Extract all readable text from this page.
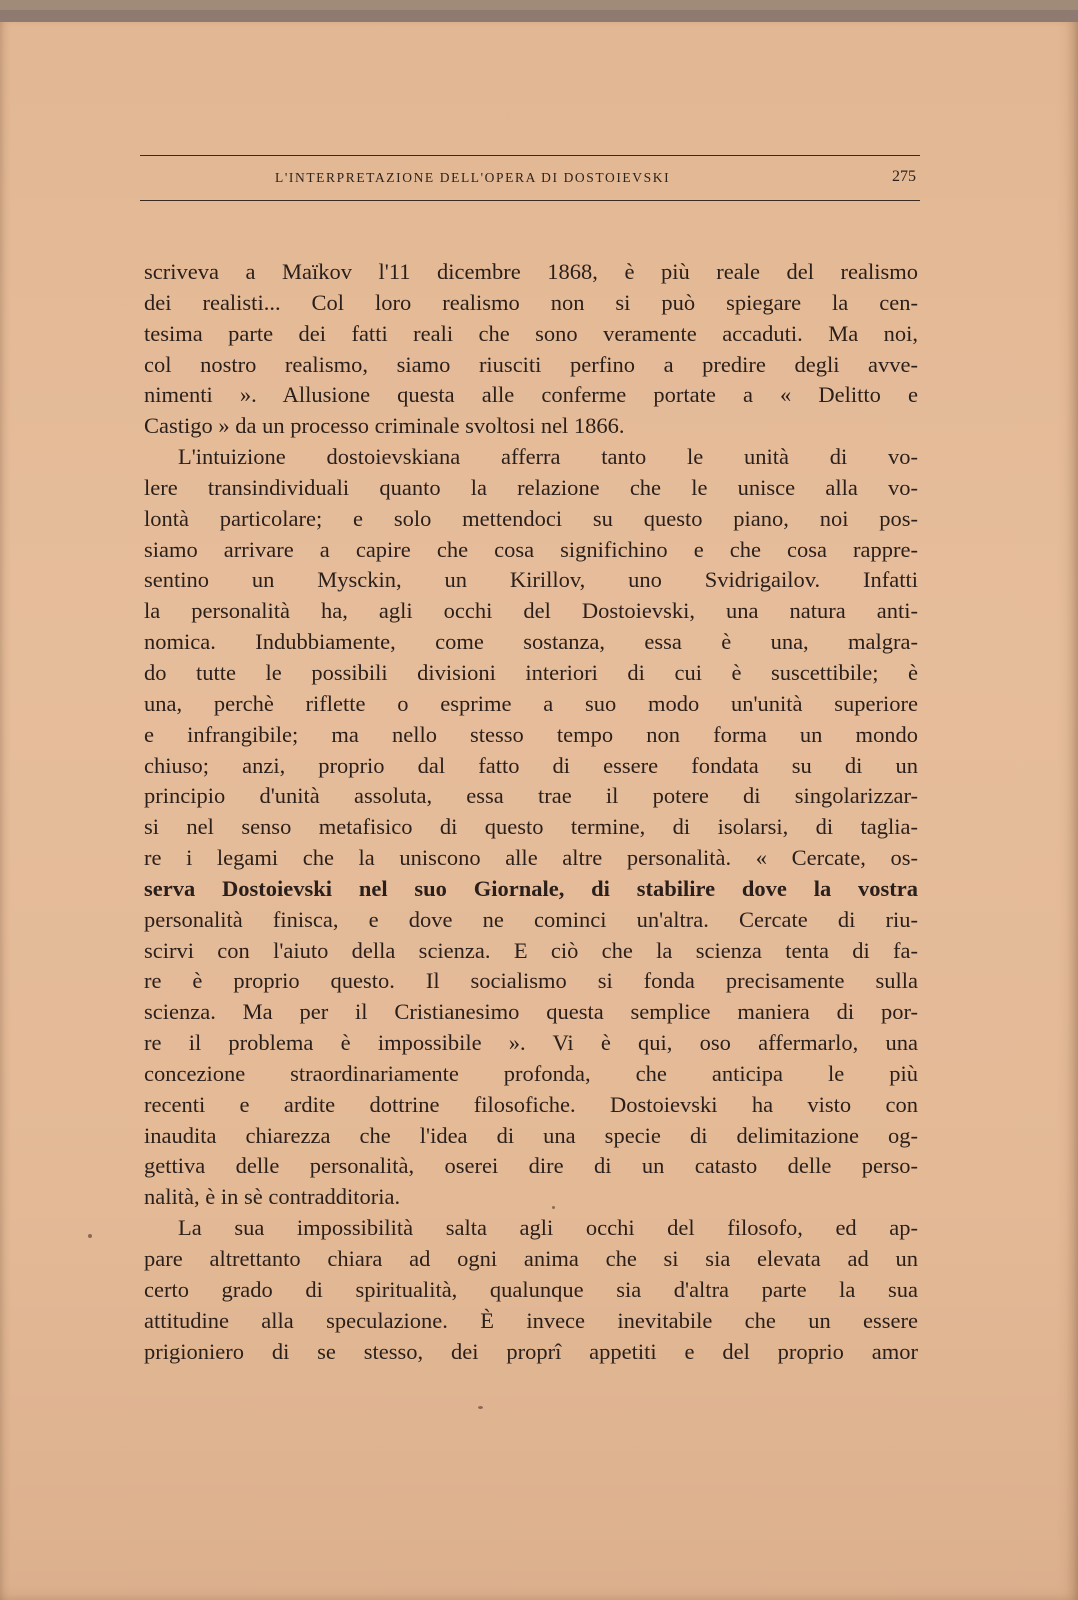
L'INTERPRETAZIONE DELL'OPERA DI DOSTOIEVSKI	275
scriveva a Maïkov l'11 dicembre 1868, è più reale del realismo
dei realisti... Col loro realismo non si può spiegare la cen-
tesima parte dei fatti reali che sono veramente accaduti. Ma noi,
col nostro realismo, siamo riusciti perfino a predire degli avve-
nimenti ». Allusione questa alle conferme portate a « Delitto e
Castigo » da un processo criminale svoltosi nel 1866.
L'intuizione dostoievskiana afferra tanto le unità di vo-
lere transindividuali quanto la relazione che le unisce alla vo-
lontà particolare; e solo mettendoci su questo piano, noi pos-
siamo arrivare a capire che cosa significhino e che cosa rappre-
sentino un Mysckin, un Kirillov, uno Svidrigailov. Infatti
la personalità ha, agli occhi del Dostoievski, una natura anti-
nomica. Indubbiamente, come sostanza, essa è una, malgra-
do tutte le possibili divisioni interiori di cui è suscettibile; è
una, perchè riflette o esprime a suo modo un'unità superiore
e infrangibile; ma nello stesso tempo non forma un mondo
chiuso; anzi, proprio dal fatto di essere fondata su di un
principio d'unità assoluta, essa trae il potere di singolarizzar-
si nel senso metafisico di questo termine, di isolarsi, di taglia-
re i legami che la uniscono alle altre personalità. « Cercate, os-
serva Dostoievski nel suo Giornale, di stabilire dove la vostra
personalità finisca, e dove ne cominci un'altra. Cercate di riu-
scirvi con l'aiuto della scienza. E ciò che la scienza tenta di fa-
re è proprio questo. Il socialismo si fonda precisamente sulla
scienza. Ma per il Cristianesimo questa semplice maniera di por-
re il problema è impossibile ». Vi è qui, oso affermarlo, una
concezione straordinariamente profonda, che anticipa le più
recenti e ardite dottrine filosofiche. Dostoievski ha visto con
inaudita chiarezza che l'idea di una specie di delimitazione og-
gettiva delle personalità, oserei dire di un catasto delle perso-
nalità, è in sè contradditoria.
La sua impossibilità salta agli occhi del filosofo, ed ap-
pare altrettanto chiara ad ogni anima che si sia elevata ad un
certo grado di spiritualità, qualunque sia d'altra parte la sua
attitudine alla speculazione. È invece inevitabile che un essere
prigioniero di se stesso, dei proprî appetiti e del proprio amor
